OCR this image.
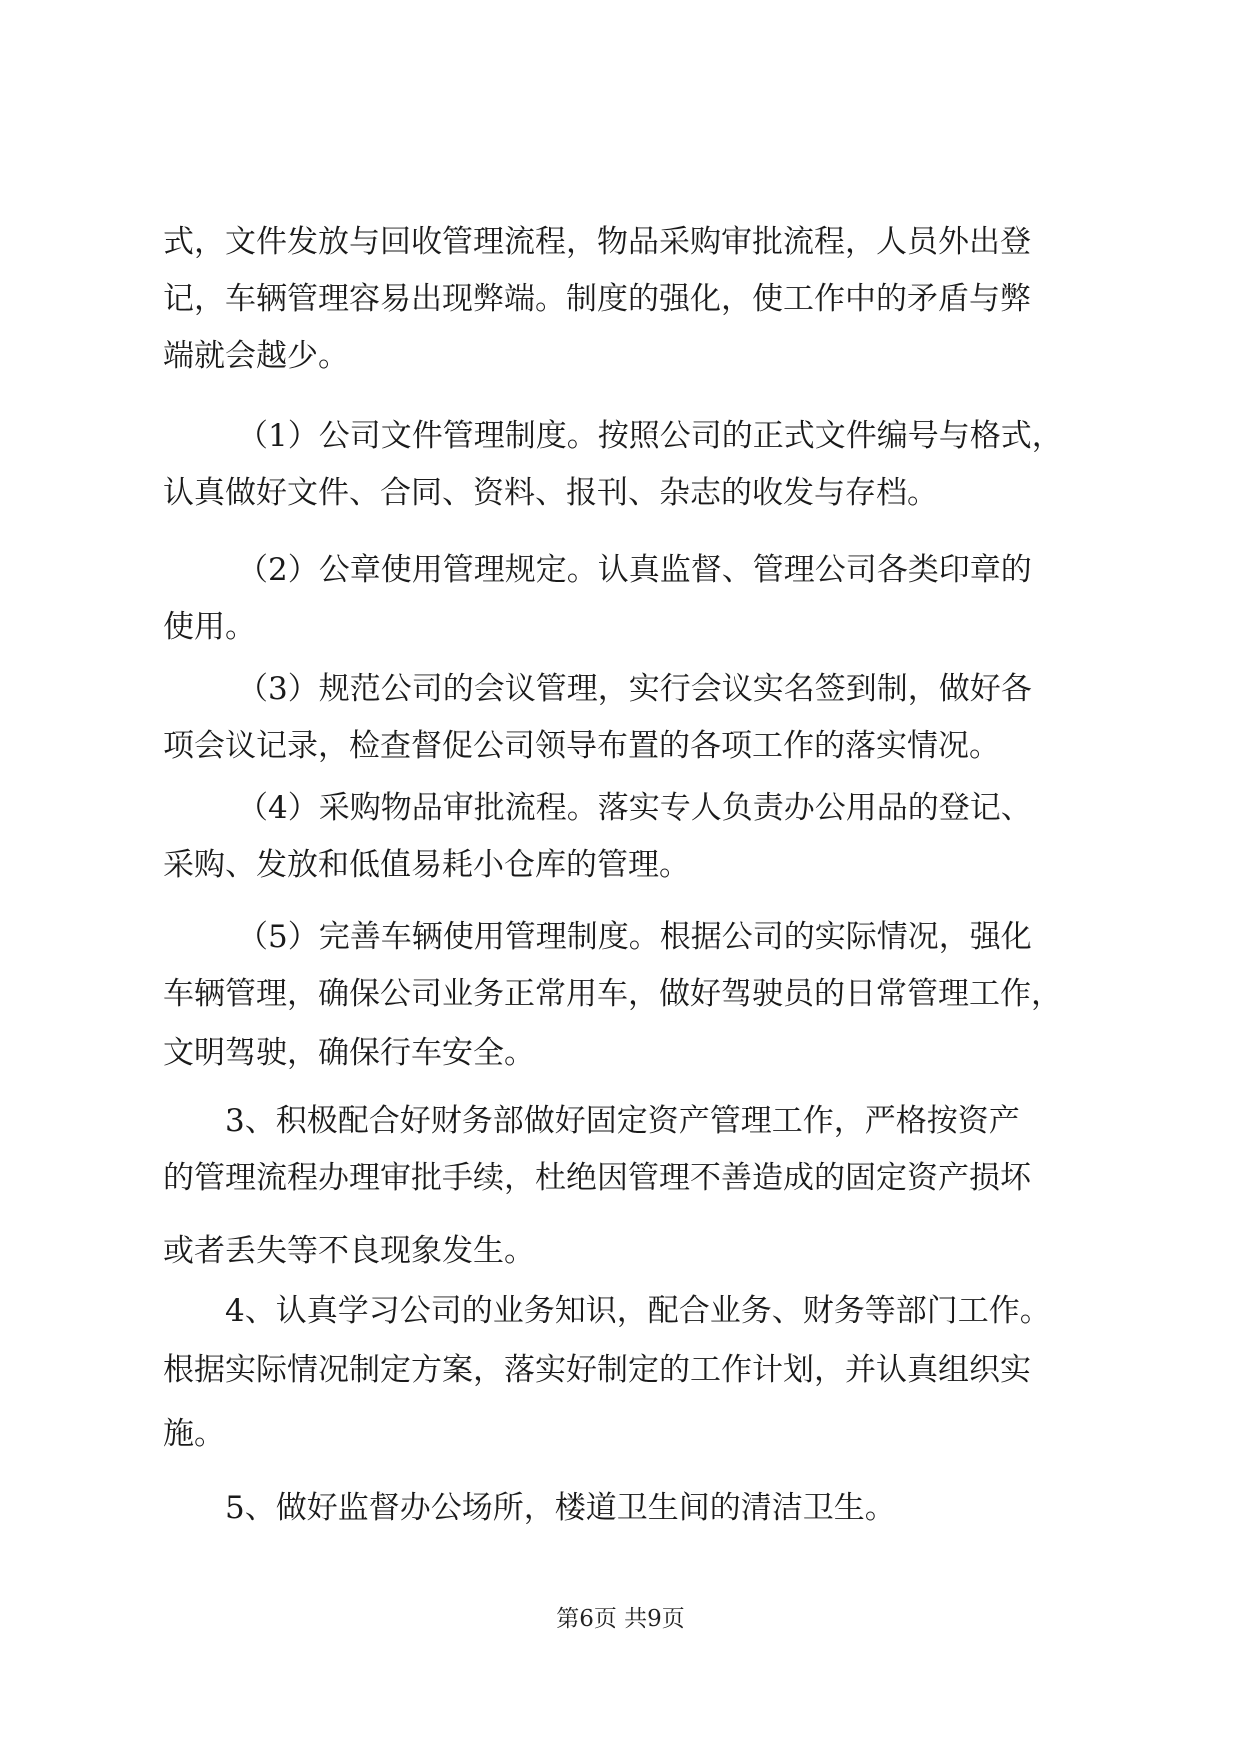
式，文件发放与回收管理流程，物品采购审批流程，人员外出登
记，车辆管理容易出现弊端。制度的强化，使工作中的矛盾与弊
端就会越少。
（1）公司文件管理制度。按照公司的正式文件编号与格式，
认真做好文件、合同、资料、报刊、杂志的收发与存档。
（2）公章使用管理规定。认真监督、管理公司各类印章的
使用。
（3）规范公司的会议管理，实行会议实名签到制，做好各
项会议记录，检查督促公司领导布置的各项工作的落实情况。
（4）采购物品审批流程。落实专人负责办公用品的登记、
采购、发放和低值易耗小仓库的管理。
（5）完善车辆使用管理制度。根据公司的实际情况，强化
车辆管理，确保公司业务正常用车，做好驾驶员的日常管理工作，
文明驾驶，确保行车安全。
3、积极配合好财务部做好固定资产管理工作，严格按资产
的管理流程办理审批手续，杜绝因管理不善造成的固定资产损坏
或者丢失等不良现象发生。
4、认真学习公司的业务知识，配合业务、财务等部门工作。
根据实际情况制定方案，落实好制定的工作计划，并认真组织实
施。
5、做好监督办公场所，楼道卫生间的清洁卫生。
第6页 共9页
